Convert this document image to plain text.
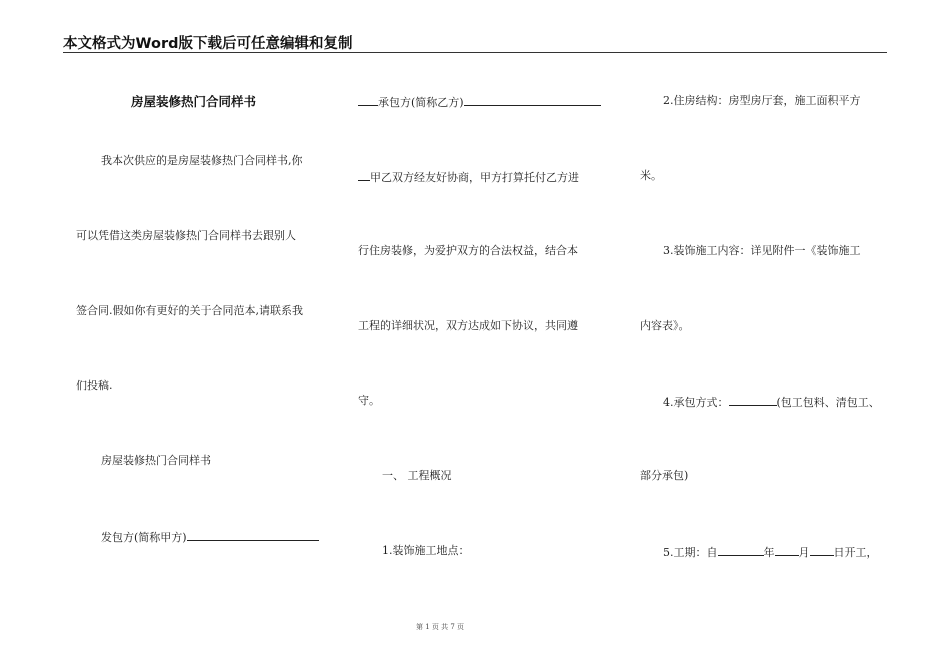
本文格式为Word版下载后可任意编辑和复制
房屋装修热门合同样书
我本次供应的是房屋装修热门合同样书,你
可以凭借这类房屋装修热门合同样书去跟别人
签合同.假如你有更好的关于合同范本,请联系我
们投稿.
房屋装修热门合同样书
发包方(简称甲方)
承包方(简称乙方)
甲乙双方经友好协商，甲方打算托付乙方进
行住房装修，为爱护双方的合法权益，结合本
工程的详细状况，双方达成如下协议，共同遵
守。
一、 工程概况
1.装饰施工地点：
2.住房结构：房型房厅套，施工面积平方
米。
3.装饰施工内容：详见附件一《装饰施工
内容表》。
4.承包方式：	(包工包料、清包工、
部分承包)
5.工期：自	年 月 日开工，
第 1 页 共 7 页
